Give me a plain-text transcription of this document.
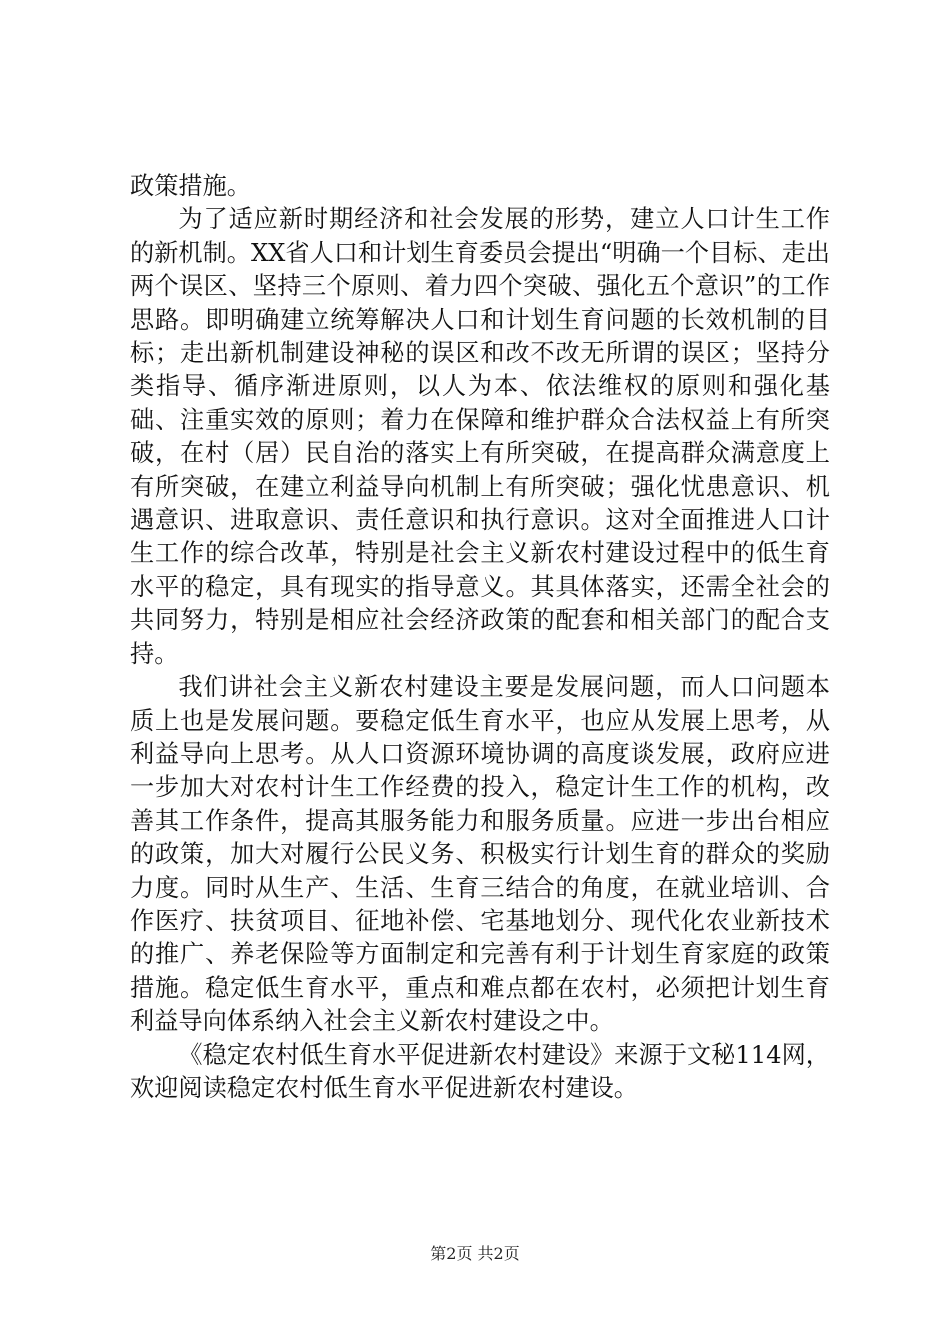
政策措施。

为了适应新时期经济和社会发展的形势，建立人口计生工作的新机制。XX省人口和计划生育委员会提出“明确一个目标、走出两个误区、坚持三个原则、着力四个突破、强化五个意识”的工作思路。即明确建立统筹解决人口和计划生育问题的长效机制的目标；走出新机制建设神秘的误区和改不改无所谓的误区；坚持分类指导、循序渐进原则，以人为本、依法维权的原则和强化基础、注重实效的原则；着力在保障和维护群众合法权益上有所突破，在村（居）民自治的落实上有所突破，在提高群众满意度上有所突破，在建立利益导向机制上有所突破；强化忧患意识、机遇意识、进取意识、责任意识和执行意识。这对全面推进人口计生工作的综合改革，特别是社会主义新农村建设过程中的低生育水平的稳定，具有现实的指导意义。其具体落实，还需全社会的共同努力，特别是相应社会经济政策的配套和相关部门的配合支持。

我们讲社会主义新农村建设主要是发展问题，而人口问题本质上也是发展问题。要稳定低生育水平，也应从发展上思考，从利益导向上思考。从人口资源环境协调的高度谈发展，政府应进一步加大对农村计生工作经费的投入，稳定计生工作的机构，改善其工作条件，提高其服务能力和服务质量。应进一步出台相应的政策，加大对履行公民义务、积极实行计划生育的群众的奖励力度。同时从生产、生活、生育三结合的角度，在就业培训、合作医疗、扶贫项目、征地补偿、宅基地划分、现代化农业新技术的推广、养老保险等方面制定和完善有利于计划生育家庭的政策措施。稳定低生育水平，重点和难点都在农村，必须把计划生育利益导向体系纳入社会主义新农村建设之中。

《稳定农村低生育水平促进新农村建设》来源于文秘114网，欢迎阅读稳定农村低生育水平促进新农村建设。

第2页 共2页
